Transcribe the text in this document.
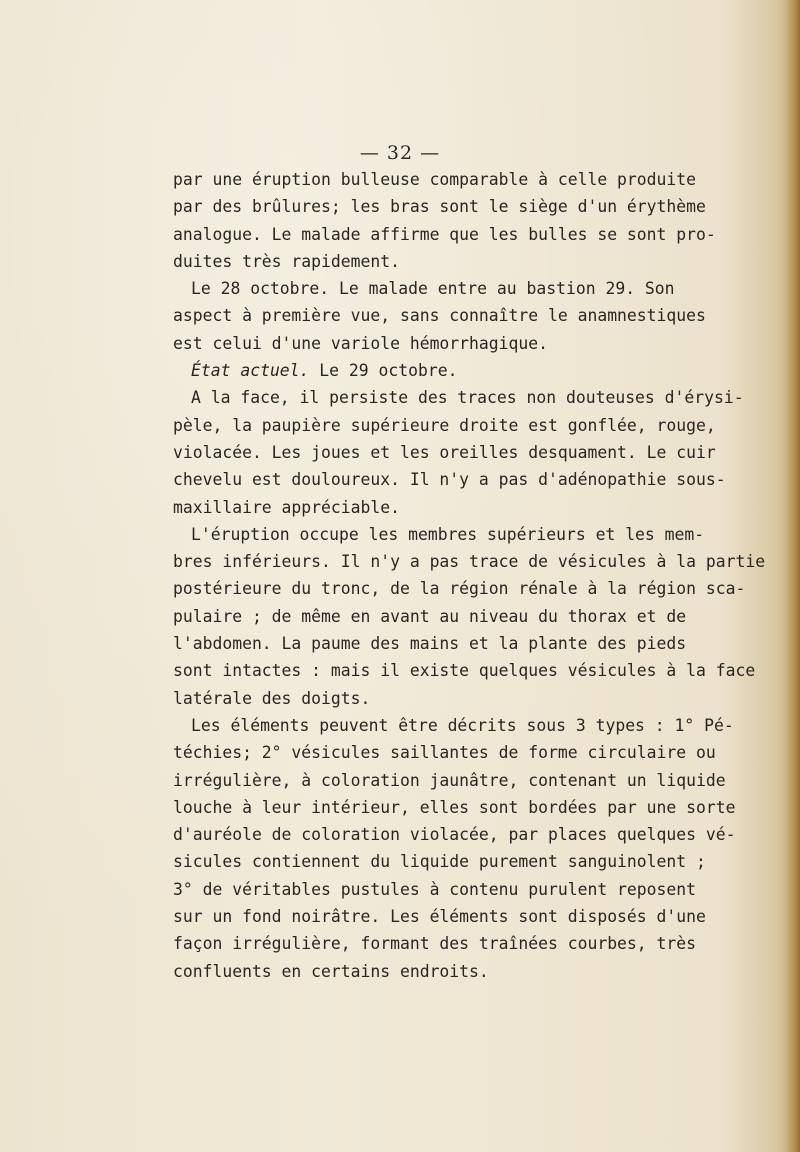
— 32 —
par une éruption bulleuse comparable à celle produite
par des brûlures; les bras sont le siège d'un érythème
analogue. Le malade affirme que les bulles se sont pro-
duites très rapidement.
Le 28 octobre. Le malade entre au bastion 29. Son
aspect à première vue, sans connaître le anamnestiques
est celui d'une variole hémorrhagique.
État actuel. Le 29 octobre.
A la face, il persiste des traces non douteuses d'érysi-
pèle, la paupière supérieure droite est gonflée, rouge,
violacée. Les joues et les oreilles desquament. Le cuir
chevelu est douloureux. Il n'y a pas d'adénopathie sous-
maxillaire appréciable.
L'éruption occupe les membres supérieurs et les mem-
bres inférieurs. Il n'y a pas trace de vésicules à la partie
postérieure du tronc, de la région rénale à la région sca-
pulaire ; de même en avant au niveau du thorax et de
l'abdomen. La paume des mains et la plante des pieds
sont intactes : mais il existe quelques vésicules à la face
latérale des doigts.
Les éléments peuvent être décrits sous 3 types : 1° Pé-
téchies; 2° vésicules saillantes de forme circulaire ou
irrégulière, à coloration jaunâtre, contenant un liquide
louche à leur intérieur, elles sont bordées par une sorte
d'auréole de coloration violacée, par places quelques vé-
sicules contiennent du liquide purement sanguinolent ;
3° de véritables pustules à contenu purulent reposent
sur un fond noirâtre. Les éléments sont disposés d'une
façon irrégulière, formant des traînées courbes, très
confluents en certains endroits.
